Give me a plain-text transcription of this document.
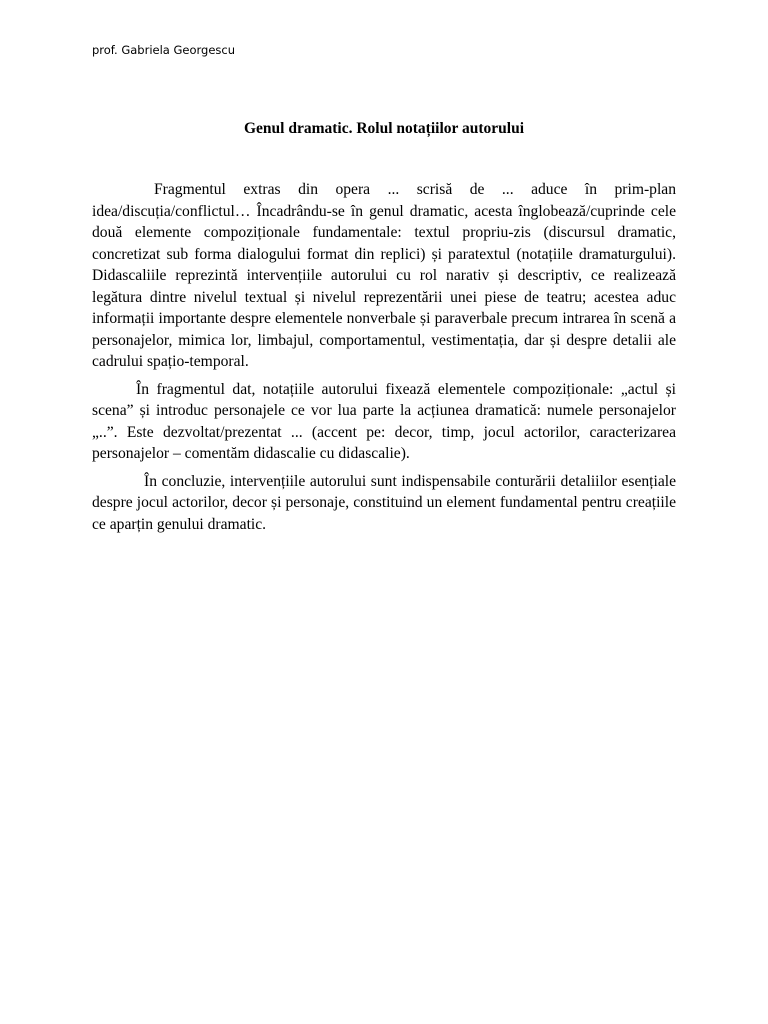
prof. Gabriela Georgescu
Genul dramatic. Rolul notațiilor autorului

Fragmentul extras din opera ... scrisă de ... aduce în prim-plan idea/discuția/conflictul… Încadrându-se în genul dramatic, acesta înglobează/cuprinde cele două elemente compoziționale fundamentale: textul propriu-zis (discursul dramatic, concretizat sub forma dialogului format din replici) și paratextul (notațiile dramaturgului). Didascaliile reprezintă intervențiile autorului cu rol narativ și descriptiv, ce realizează legătura dintre nivelul textual și nivelul reprezentării unei piese de teatru; acestea aduc informații importante despre elementele nonverbale și paraverbale precum intrarea în scenă a personajelor, mimica lor, limbajul, comportamentul, vestimentația, dar și despre detalii ale cadrului spațio-temporal.

În fragmentul dat, notațiile autorului fixează elementele compoziționale: „actul și scena” și introduc personajele ce vor lua parte la acțiunea dramatică: numele personajelor „..”. Este dezvoltat/prezentat ... (accent pe: decor, timp, jocul actorilor, caracterizarea personajelor – comentăm didascalie cu didascalie).

În concluzie, intervențiile autorului sunt indispensabile conturării detaliilor esențiale despre jocul actorilor, decor și personaje, constituind un element fundamental pentru creațiile ce aparțin genului dramatic.
